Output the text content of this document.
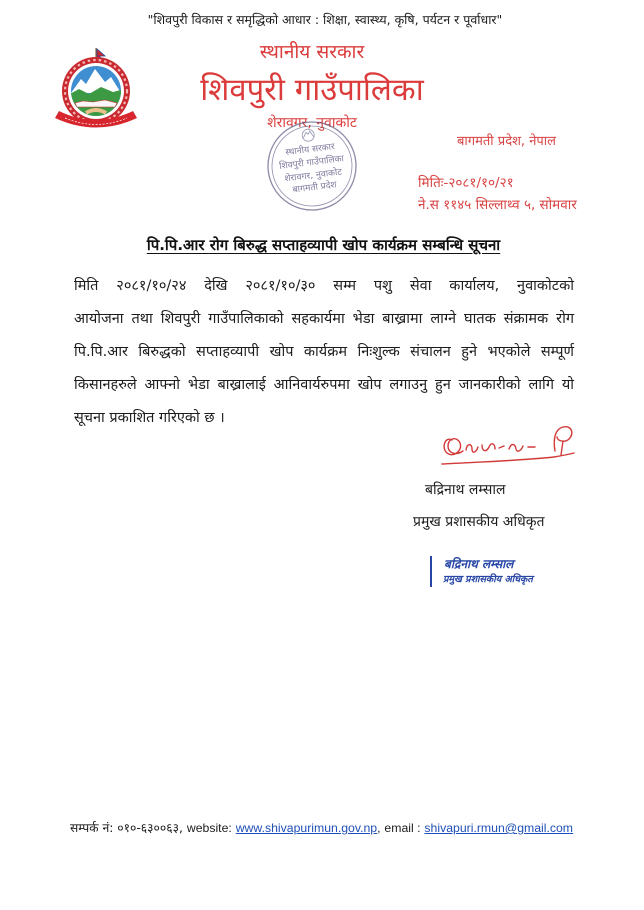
"शिवपुरी विकास र समृद्धिको आधार : शिक्षा, स्वास्थ्य, कृषि, पर्यटन र पूर्वाधार"
स्थानीय सरकार
शिवपुरी गाउँपालिका
शेरावगर, नुवाकोट
स्थानीय सरकार
शिवपुरी गाउँपालिका
शेरावगर, नुवाकोट
बागमती प्रदेश
बागमती प्रदेश, नेपाल
मितिः-२०८१/१०/२१
ने.स ११४५ सिल्लाथ्व ५, सोमवार
पि.पि.आर रोग बिरुद्ध सप्ताहव्यापी खोप कार्यक्रम सम्बन्धि सूचना
मिति २०८१/१०/२४ देखि २०८१/१०/३० सम्म पशु सेवा कार्यालय, नुवाकोटको
आयोजना तथा शिवपुरी गाउँपालिकाको सहकार्यमा भेडा बाख्रामा लाग्ने घातक संक्रामक रोग
पि.पि.आर बिरुद्धको सप्ताहव्यापी खोप कार्यक्रम निःशुल्क संचालन हुने भएकोले सम्पूर्ण
किसानहरुले आफ्नो भेडा बाख्रालाई आनिवार्यरुपमा खोप लगाउनु हुन जानकारीको लागि यो
सूचना प्रकाशित गरिएको छ ।
बद्रिनाथ लम्साल
प्रमुख प्रशासकीय अधिकृत
बद्रिनाथ लम्साल
प्रमुख प्रशासकीय अधिकृत
सम्पर्क नं: ०१०-६३००६३, website: www.shivapurimun.gov.np, email : shivapuri.rmun@gmail.com
